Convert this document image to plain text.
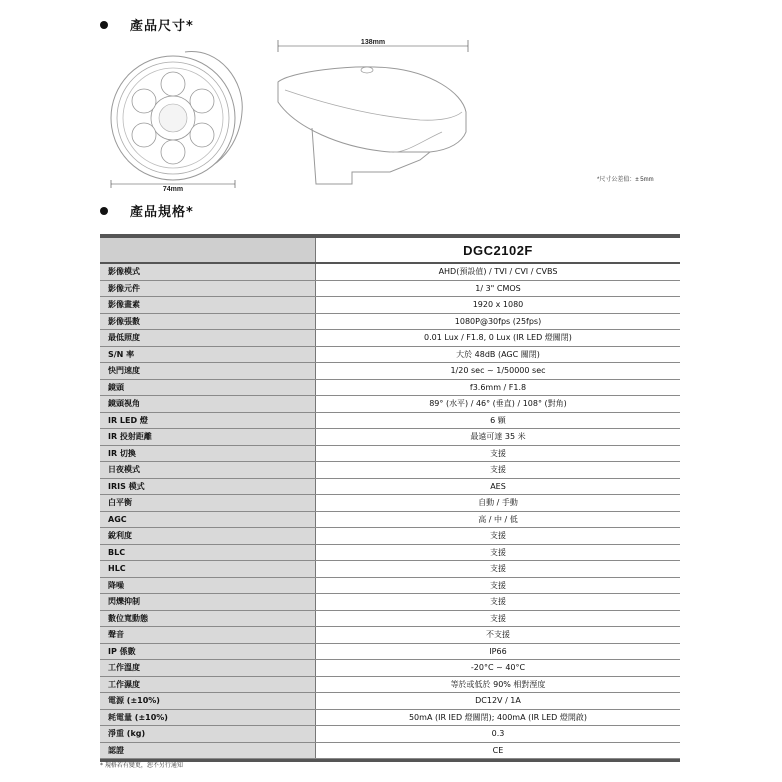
產品尺寸*
74mm
138mm
*尺寸公差值：± 5mm
產品規格*
DGC2102F
影像模式	AHD(預設值) / TVI / CVI / CVBS
影像元件	1/ 3" CMOS
影像畫素	1920 x 1080
影像張數	1080P@30fps (25fps)
最低照度	0.01 Lux / F1.8, 0 Lux (IR LED 燈關閉)
S/N 率	大於 48dB (AGC 關閉)
快門速度	1/20 sec ~ 1/50000 sec
鏡頭	f3.6mm / F1.8
鏡頭視角	89° (水平) / 46° (垂直) / 108° (對角)
IR LED 燈	6 顆
IR 投射距離	最遠可達 35 米
IR 切換	支援
日夜模式	支援
IRIS 模式	AES
白平衡	自動 / 手動
AGC	高 / 中 / 低
銳利度	支援
BLC	支援
HLC	支援
降噪	支援
閃爍抑制	支援
數位寬動態	支援
聲音	不支援
IP 係數	IP66
工作溫度	-20°C ~ 40°C
工作濕度	等於或低於 90% 相對溼度
電源 (±10%)	DC12V / 1A
耗電量 (±10%)	50mA (IR IED 燈關閉); 400mA (IR LED 燈開啟)
淨重 (kg)	0.3
認證	CE
* 規格若有變更，恕不另行通知
